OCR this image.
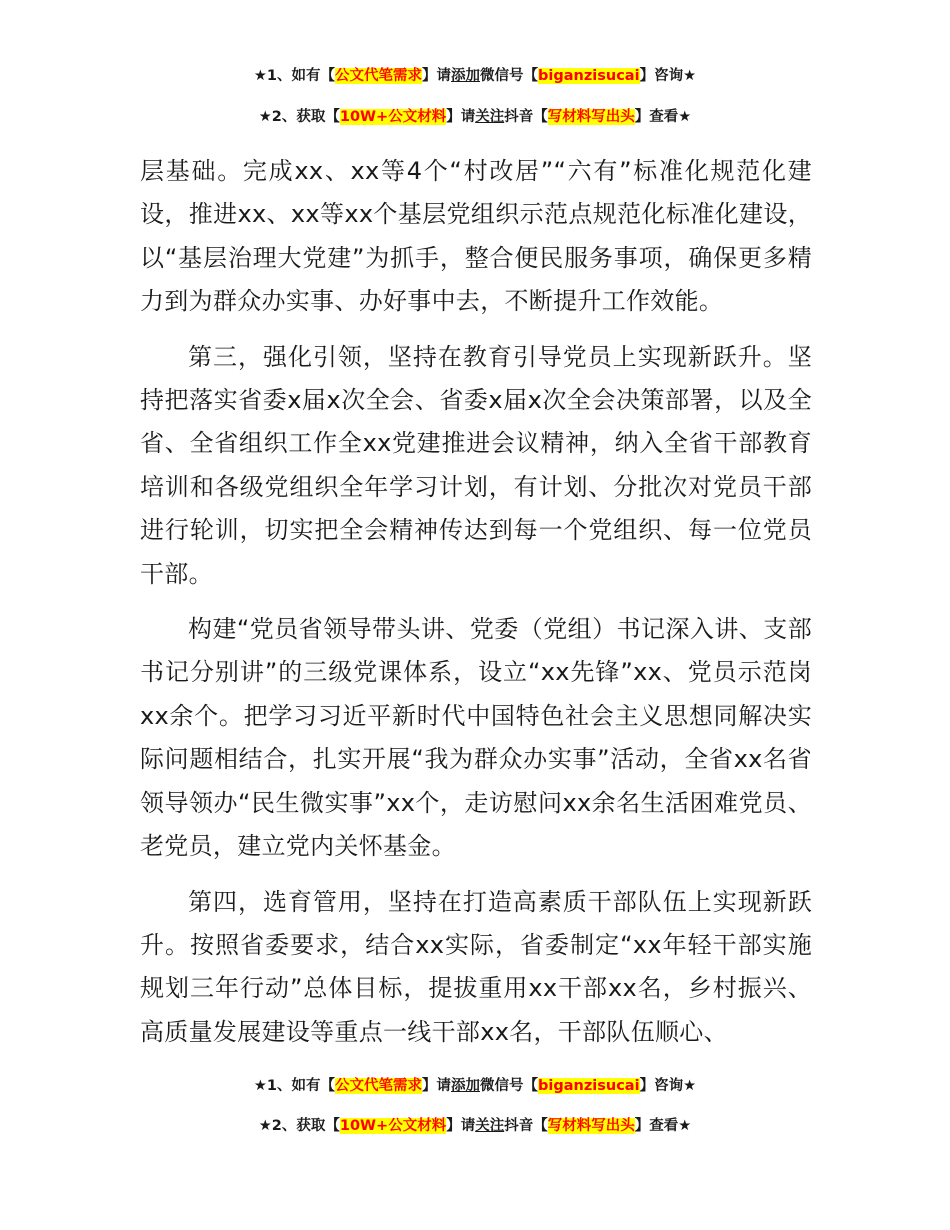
★1、如有【公文代笔需求】请添加微信号【biganzisucai】咨询★
★2、获取【10W+公文材料】请关注抖音【写材料写出头】查看★

层基础。完成xx、xx等4个“村改居”“六有”标准化规范化建设，推进xx、xx等xx个基层党组织示范点规范化标准化建设，以“基层治理大党建”为抓手，整合便民服务事项，确保更多精力到为群众办实事、办好事中去，不断提升工作效能。

第三，强化引领，坚持在教育引导党员上实现新跃升。坚持把落实省委x届x次全会、省委x届x次全会决策部署，以及全省、全省组织工作全xx党建推进会议精神，纳入全省干部教育培训和各级党组织全年学习计划，有计划、分批次对党员干部进行轮训，切实把全会精神传达到每一个党组织、每一位党员干部。

构建“党员省领导带头讲、党委（党组）书记深入讲、支部书记分别讲”的三级党课体系，设立“xx先锋”xx、党员示范岗xx余个。把学习习近平新时代中国特色社会主义思想同解决实际问题相结合，扎实开展“我为群众办实事”活动，全省xx名省领导领办“民生微实事”xx个，走访慰问xx余名生活困难党员、老党员，建立党内关怀基金。

第四，选育管用，坚持在打造高素质干部队伍上实现新跃升。按照省委要求，结合xx实际，省委制定“xx年轻干部实施规划三年行动”总体目标，提拔重用xx干部xx名，乡村振兴、高质量发展建设等重点一线干部xx名，干部队伍顺心、

★1、如有【公文代笔需求】请添加微信号【biganzisucai】咨询★
★2、获取【10W+公文材料】请关注抖音【写材料写出头】查看★
